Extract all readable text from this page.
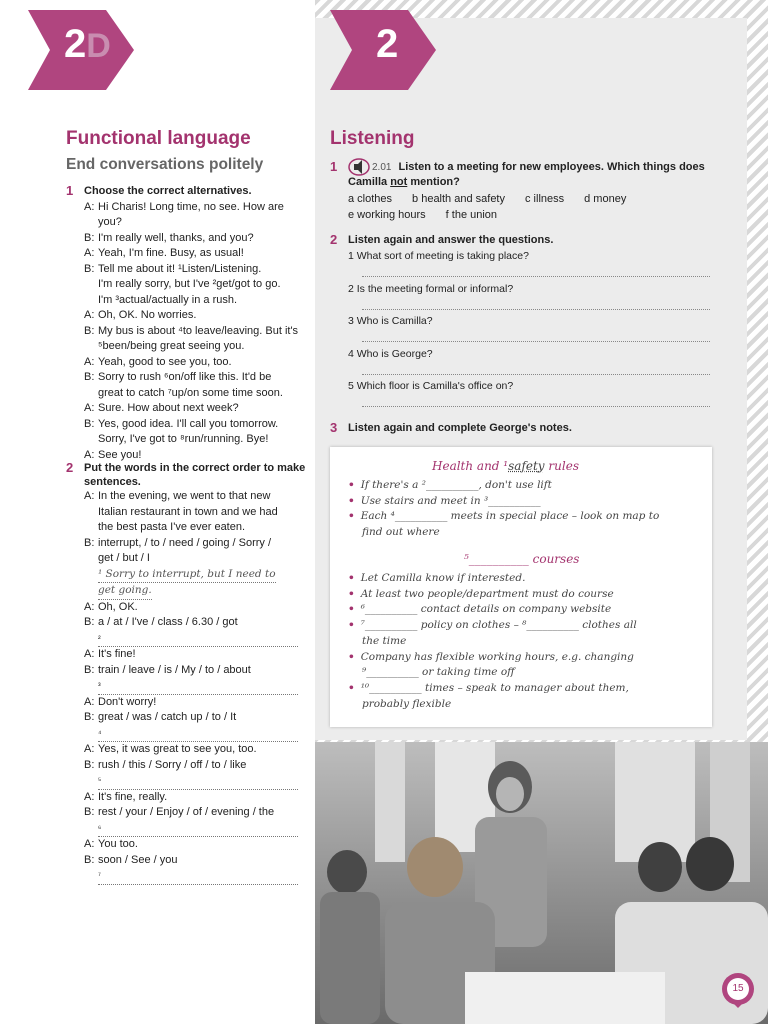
2D
Functional language
End conversations politely
1 Choose the correct alternatives.
A: Hi Charis! Long time, no see. How are you?
B: I'm really well, thanks, and you?
A: Yeah, I'm fine. Busy, as usual!
B: Tell me about it! ¹Listen/Listening.
I'm really sorry, but I've ²get/got to go.
I'm ³actual/actually in a rush.
A: Oh, OK. No worries.
B: My bus is about ⁴to leave/leaving. But it's
⁵been/being great seeing you.
A: Yeah, good to see you, too.
B: Sorry to rush ⁶on/off like this. It'd be
great to catch ⁷up/on some time soon.
A: Sure. How about next week?
B: Yes, good idea. I'll call you tomorrow.
Sorry, I've got to ⁸run/running. Bye!
A: See you!
2 Put the words in the correct order to make sentences.
A: In the evening, we went to that new
Italian restaurant in town and we had
the best pasta I've ever eaten.
B: interrupt, / to / need / going / Sorry /
get / but / I
¹ Sorry to interrupt, but I need to
get going.
A: Oh, OK.
B: a / at / I've / class / 6.30 / got
²
A: It's fine!
B: train / leave / is / My / to / about
³
A: Don't worry!
B: great / was / catch up / to / It
⁴
A: Yes, it was great to see you, too.
B: rush / this / Sorry / off / to / like
⁵
A: It's fine, really.
B: rest / your / Enjoy / of / evening / the
⁶
A: You too.
B: soon / See / you
⁷
2
Listening
1	2.01 Listen to a meeting for new employees. Which things does
Camilla not mention?
a clothes b health and safety c illness d money
e working hours f the union
2 Listen again and answer the questions.
1 What sort of meeting is taking place?
2 Is the meeting formal or informal?
3 Who is Camilla?
4 Who is George?
5 Which floor is Camilla's office on?
3 Listen again and complete George's notes.
Health and ¹safety rules
• If there's a ²__________, don't use lift
• Use stairs and meet in ³__________
• Each ⁴__________ meets in special place – look on map to
find out where
⁵__________ courses
• Let Camilla know if interested.
• At least two people/department must do course
• ⁶__________ contact details on company website
• ⁷__________ policy on clothes – ⁸__________ clothes all
the time
• Company has flexible working hours, e.g. changing
⁹__________ or taking time off
• ¹⁰__________ times – speak to manager about them,
probably flexible
15
